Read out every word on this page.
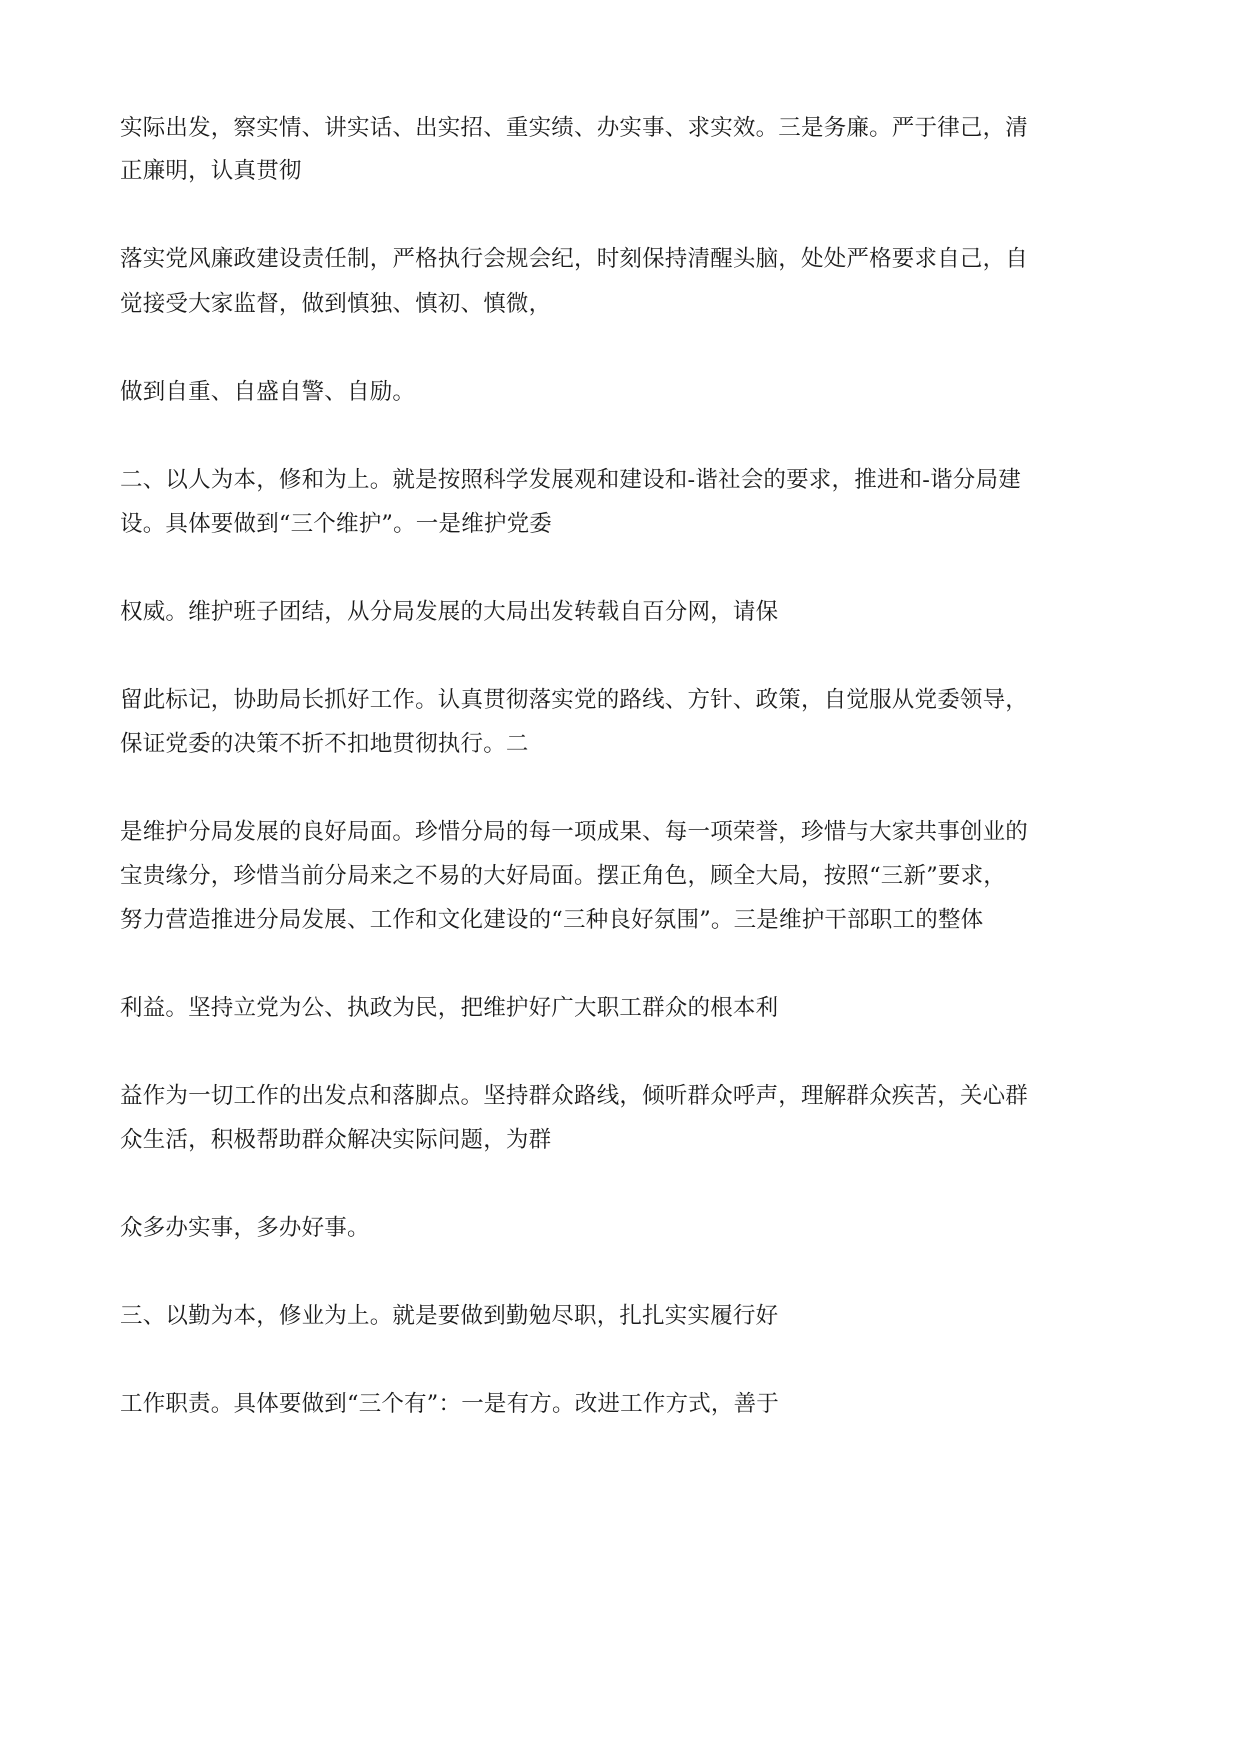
实际出发，察实情、讲实话、出实招、重实绩、办实事、求实效。三是务廉。严于律己，清
正廉明，认真贯彻
落实党风廉政建设责任制，严格执行会规会纪，时刻保持清醒头脑，处处严格要求自己，自
觉接受大家监督，做到慎独、慎初、慎微，
做到自重、自盛自警、自励。
二、以人为本，修和为上。就是按照科学发展观和建设和-谐社会的要求，推进和-谐分局建
设。具体要做到“三个维护”。一是维护党委
权威。维护班子团结，从分局发展的大局出发转载自百分网，请保
留此标记，协助局长抓好工作。认真贯彻落实党的路线、方针、政策，自觉服从党委领导，
保证党委的决策不折不扣地贯彻执行。二
是维护分局发展的良好局面。珍惜分局的每一项成果、每一项荣誉，珍惜与大家共事创业的
宝贵缘分，珍惜当前分局来之不易的大好局面。摆正角色，顾全大局，按照“三新”要求，
努力营造推进分局发展、工作和文化建设的“三种良好氛围”。三是维护干部职工的整体
利益。坚持立党为公、执政为民，把维护好广大职工群众的根本利
益作为一切工作的出发点和落脚点。坚持群众路线，倾听群众呼声，理解群众疾苦，关心群
众生活，积极帮助群众解决实际问题，为群
众多办实事，多办好事。
三、以勤为本，修业为上。就是要做到勤勉尽职，扎扎实实履行好
工作职责。具体要做到“三个有”：一是有方。改进工作方式，善于
